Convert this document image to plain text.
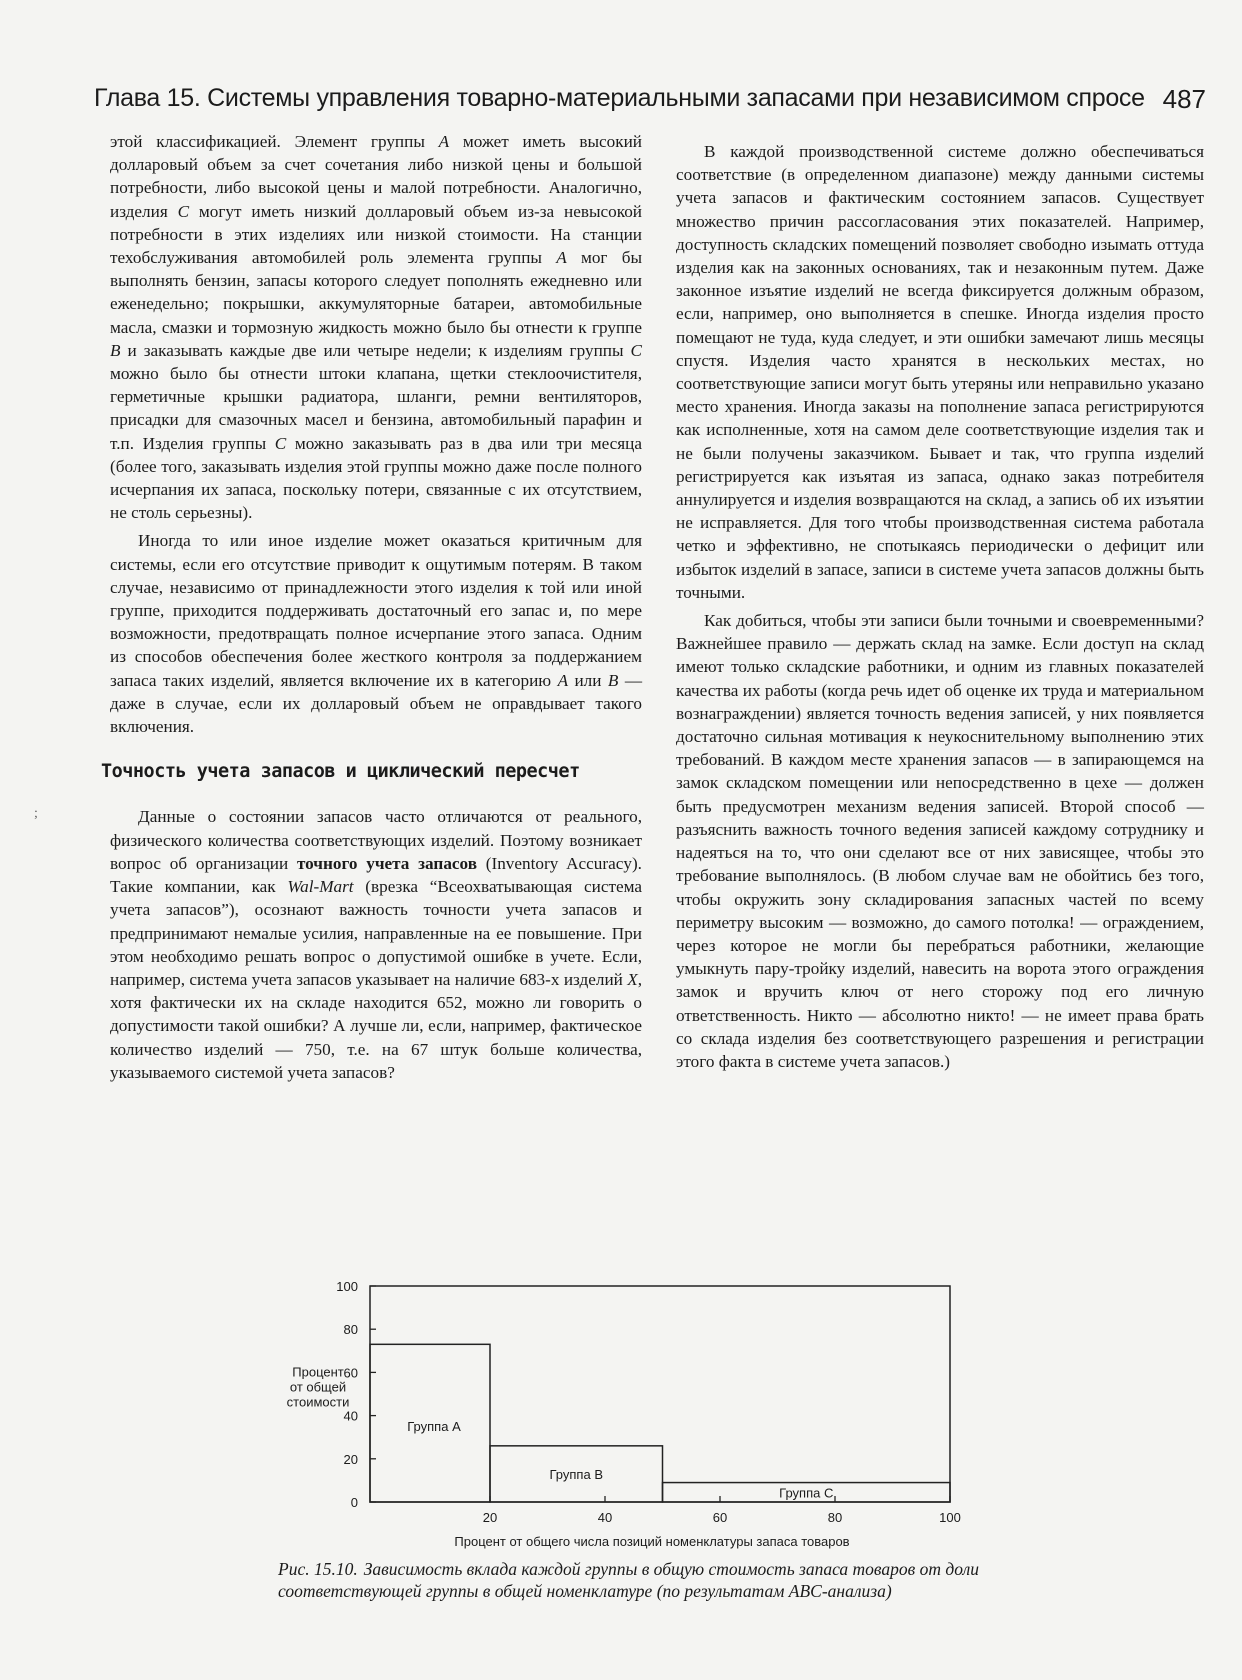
Глава 15. Системы управления товарно-материальными запасами при независимом спросе 487

этой классификацией. Элемент группы A может иметь высокий долларовый объем за счет сочетания либо низкой цены и большой потребности, либо высокой цены и малой потребности. Аналогично, изделия C могут иметь низкий долларовый объем из-за невысокой потребности в этих изделиях или низкой стоимости. На станции техобслуживания автомобилей роль элемента группы A мог бы выполнять бензин, запасы которого следует пополнять ежедневно или еженедельно; покрышки, аккумуляторные батареи, автомобильные масла, смазки и тормозную жидкость можно было бы отнести к группе B и заказывать каждые две или четыре недели; к изделиям группы C можно было бы отнести штоки клапана, щетки стеклоочистителя, герметичные крышки радиатора, шланги, ремни вентиляторов, присадки для смазочных масел и бензина, автомобильный парафин и т.п. Изделия группы C можно заказывать раз в два или три месяца (более того, заказывать изделия этой группы можно даже после полного исчерпания их запаса, поскольку потери, связанные с их отсутствием, не столь серьезны).

Иногда то или иное изделие может оказаться критичным для системы, если его отсутствие приводит к ощутимым потерям. В таком случае, независимо от принадлежности этого изделия к той или иной группе, приходится поддерживать достаточный его запас и, по мере возможности, предотвращать полное исчерпание этого запаса. Одним из способов обеспечения более жесткого контроля за поддержанием запаса таких изделий, является включение их в категорию A или B — даже в случае, если их долларовый объем не оправдывает такого включения.

Точность учета запасов и циклический пересчет

Данные о состоянии запасов часто отличаются от реального, физического количества соответствующих изделий. Поэтому возникает вопрос об организации точного учета запасов (Inventory Accuracy). Такие компании, как Wal-Mart (врезка “Всеохватывающая система учета запасов”), осознают важность точности учета запасов и предпринимают немалые усилия, направленные на ее повышение. При этом необходимо решать вопрос о допустимой ошибке в учете. Если, например, система учета запасов указывает на наличие 683-х изделий X, хотя фактически их на складе находится 652, можно ли говорить о допустимости такой ошибки? А лучше ли, если, например, фактическое количество изделий — 750, т.е. на 67 штук больше количества, указываемого системой учета запасов?

В каждой производственной системе должно обеспечиваться соответствие (в определенном диапазоне) между данными системы учета запасов и фактическим состоянием запасов. Существует множество причин рассогласования этих показателей. Например, доступность складских помещений позволяет свободно изымать оттуда изделия как на законных основаниях, так и незаконным путем. Даже законное изъятие изделий не всегда фиксируется должным образом, если, например, оно выполняется в спешке. Иногда изделия просто помещают не туда, куда следует, и эти ошибки замечают лишь месяцы спустя. Изделия часто хранятся в нескольких местах, но соответствующие записи могут быть утеряны или неправильно указано место хранения. Иногда заказы на пополнение запаса регистрируются как исполненные, хотя на самом деле соответствующие изделия так и не были получены заказчиком. Бывает и так, что группа изделий регистрируется как изъятая из запаса, однако заказ потребителя аннулируется и изделия возвращаются на склад, а запись об их изъятии не исправляется. Для того чтобы производственная система работала четко и эффективно, не спотыкаясь периодически о дефицит или избыток изделий в запасе, записи в системе учета запасов должны быть точными.

Как добиться, чтобы эти записи были точными и своевременными? Важнейшее правило — держать склад на замке. Если доступ на склад имеют только складские работники, и одним из главных показателей качества их работы (когда речь идет об оценке их труда и материальном вознаграждении) является точность ведения записей, у них появляется достаточно сильная мотивация к неукоснительному выполнению этих требований. В каждом месте хранения запасов — в запирающемся на замок складском помещении или непосредственно в цехе — должен быть предусмотрен механизм ведения записей. Второй способ — разъяснить важность точного ведения записей каждому сотруднику и надеяться на то, что они сделают все от них зависящее, чтобы это требование выполнялось. (В любом случае вам не обойтись без того, чтобы окружить зону складирования запасных частей по всему периметру высоким — возможно, до самого потолка! — ограждением, через которое не могли бы перебраться работники, желающие умыкнуть пару-тройку изделий, навесить на ворота этого ограждения замок и вручить ключ от него сторожу под его личную ответственность. Никто — абсолютно никто! — не имеет права брать со склада изделия без соответствующего разрешения и регистрации этого факта в системе учета запасов.)

;
0
20
40
60
80
100
20	40	60	80	100
Группа A
Группа B
Группа C
Процент
от общей
стоимости
Процент от общего числа позиций номенклатуры запаса товаров
Рис. 15.10. Зависимость вклада каждой группы в общую стоимость запаса товаров от доли соответствующей группы в общей номенклатуре (по результатам ABC-анализа)
